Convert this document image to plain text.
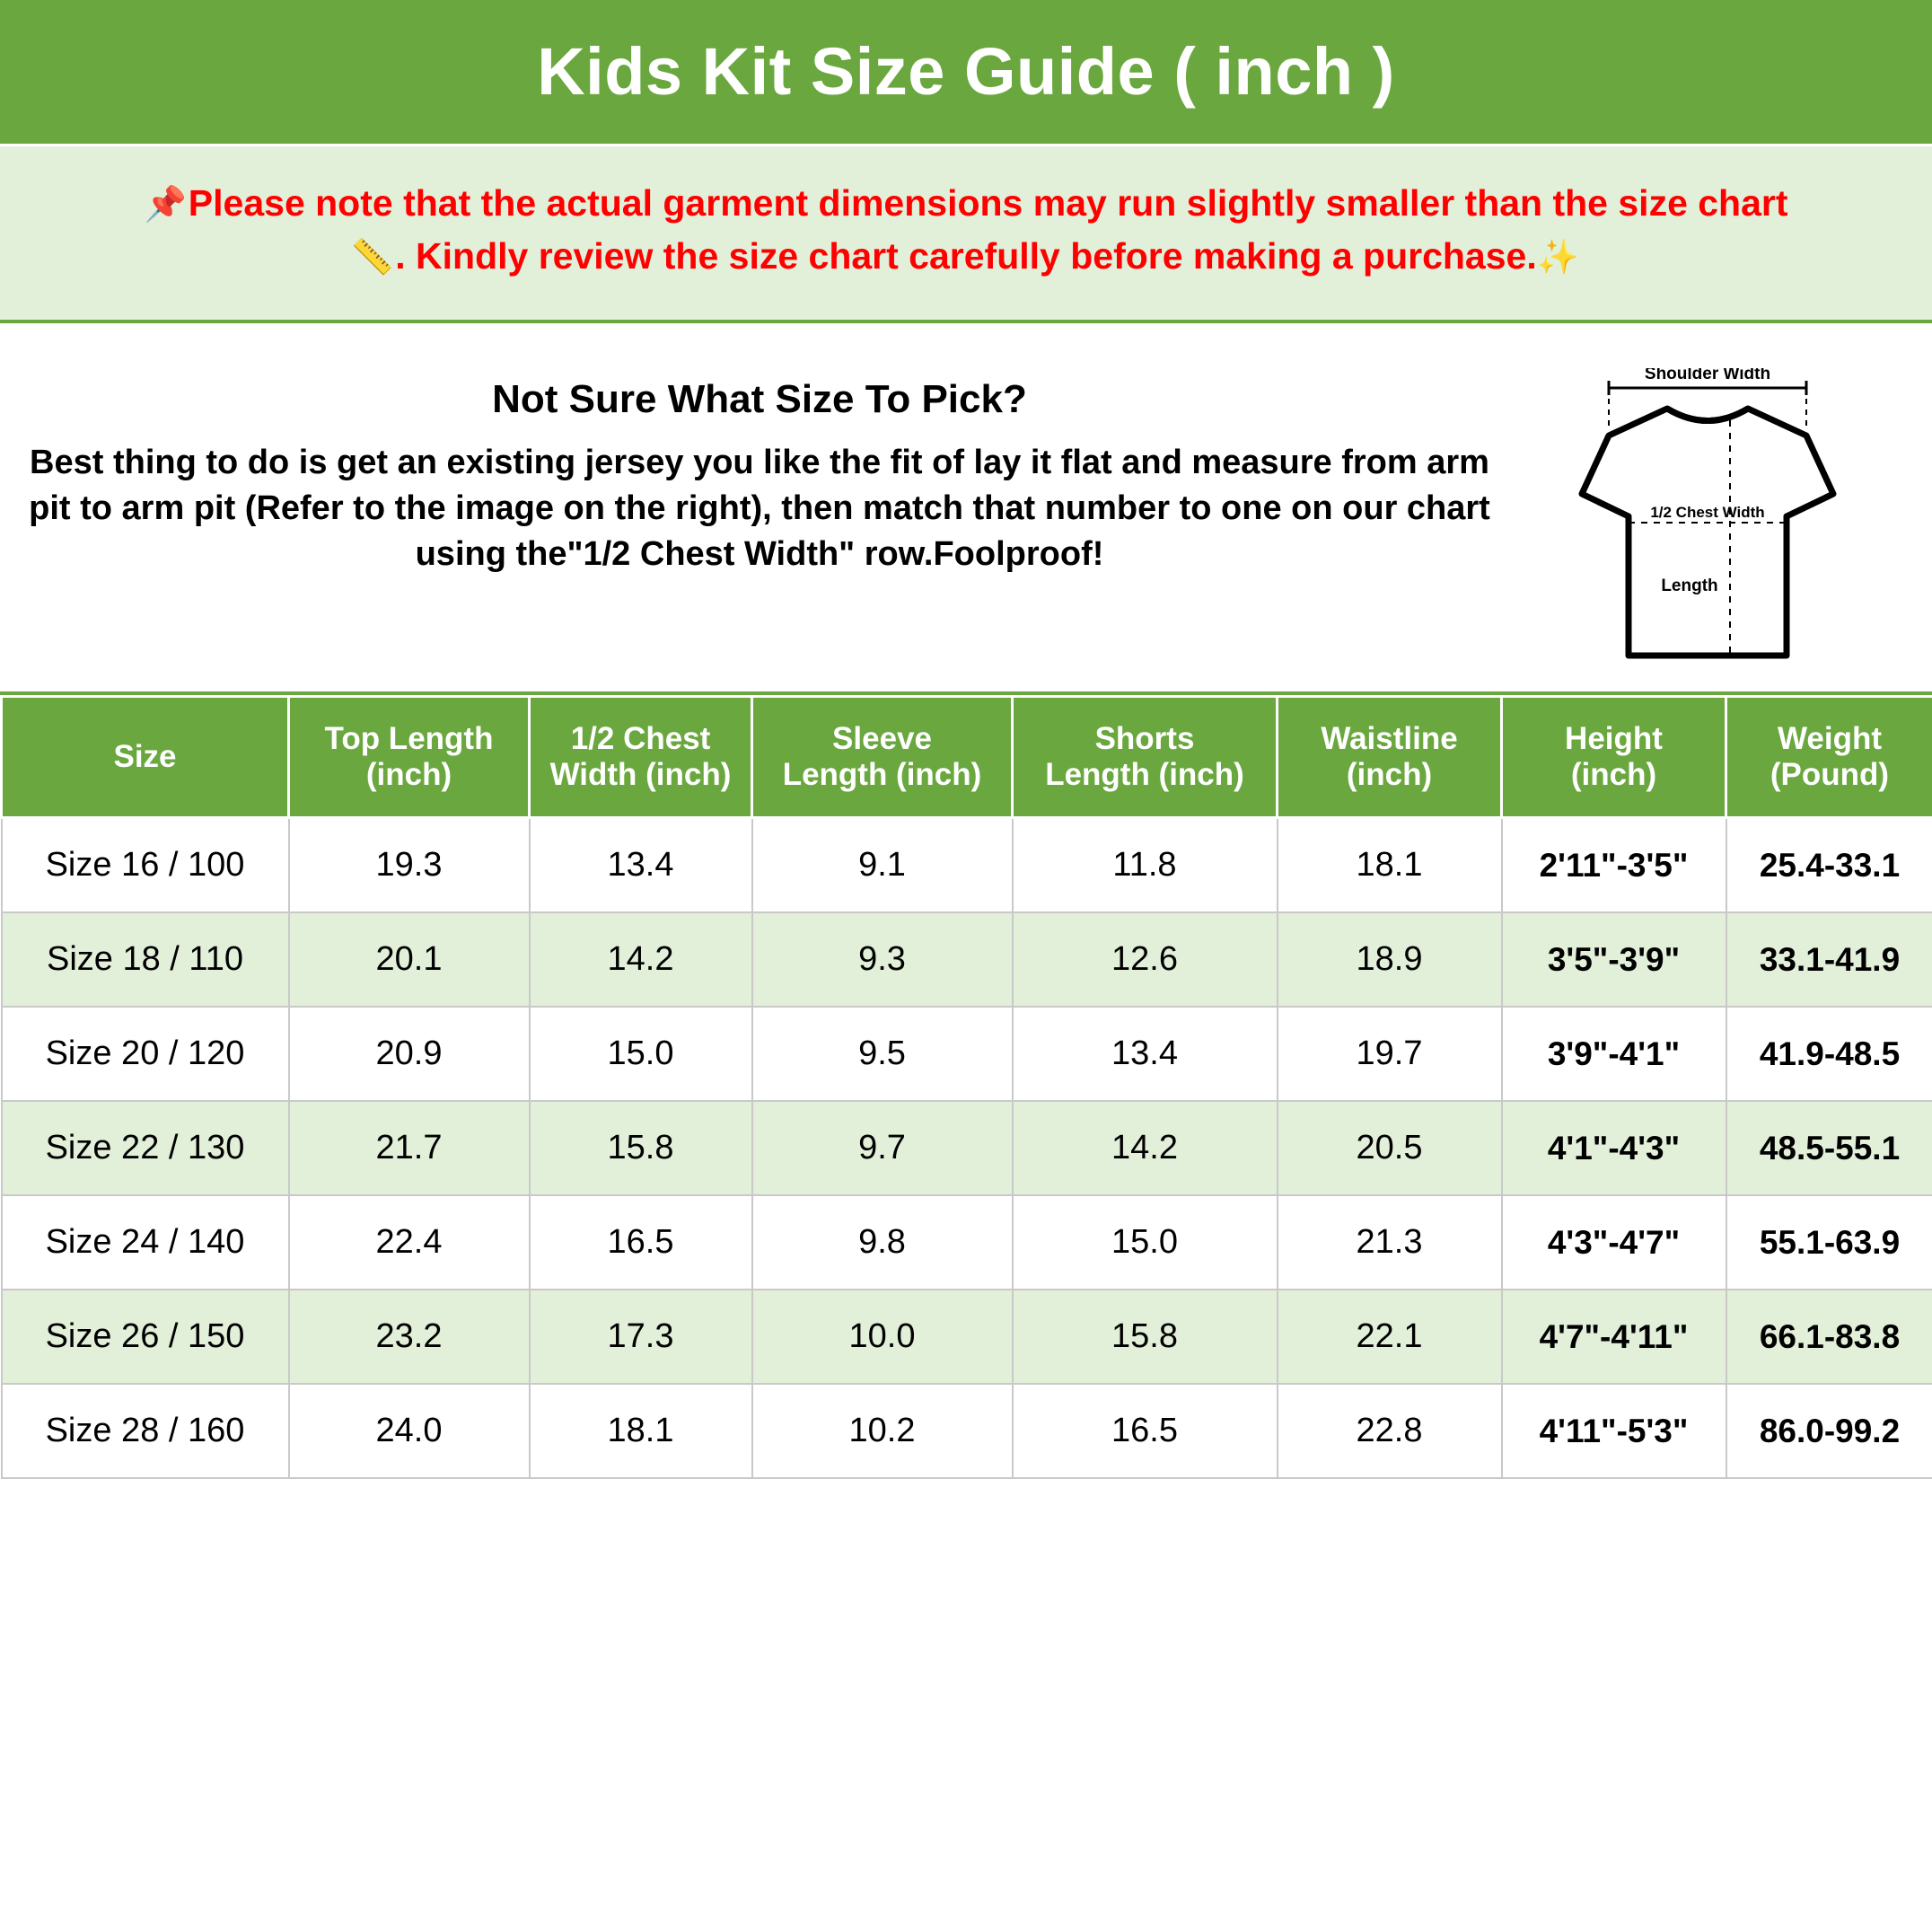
Kids Kit Size Guide ( inch )
📌Please note that the actual garment dimensions may run slightly smaller than the size chart
📏. Kindly review the size chart carefully before making a purchase.✨
Not Sure What Size To Pick?
Best thing to do is get an existing jersey you like the fit of lay it flat and measure from arm pit to arm pit (Refer to the image on the right), then match that number to one on our chart using the"1/2 Chest Width" row.Foolproof!
Shoulder Width
1/2 Chest Width
Length
Size

Top Length
(inch)

1/2 Chest
Width (inch)

Sleeve
Length (inch)

Shorts
Length (inch)

Waistline
(inch)

Height
(inch)

Weight
(Pound)

Size 16 / 100	19.3	13.4	9.1	11.8	18.1	2'11"-3'5"	25.4-33.1
Size 18 / 110	20.1	14.2	9.3	12.6	18.9	3'5"-3'9"	33.1-41.9
Size 20 / 120	20.9	15.0	9.5	13.4	19.7	3'9"-4'1"	41.9-48.5
Size 22 / 130	21.7	15.8	9.7	14.2	20.5	4'1"-4'3"	48.5-55.1
Size 24 / 140	22.4	16.5	9.8	15.0	21.3	4'3"-4'7"	55.1-63.9
Size 26 / 150	23.2	17.3	10.0	15.8	22.1	4'7"-4'11"	66.1-83.8
Size 28 / 160	24.0	18.1	10.2	16.5	22.8	4'11"-5'3"	86.0-99.2
